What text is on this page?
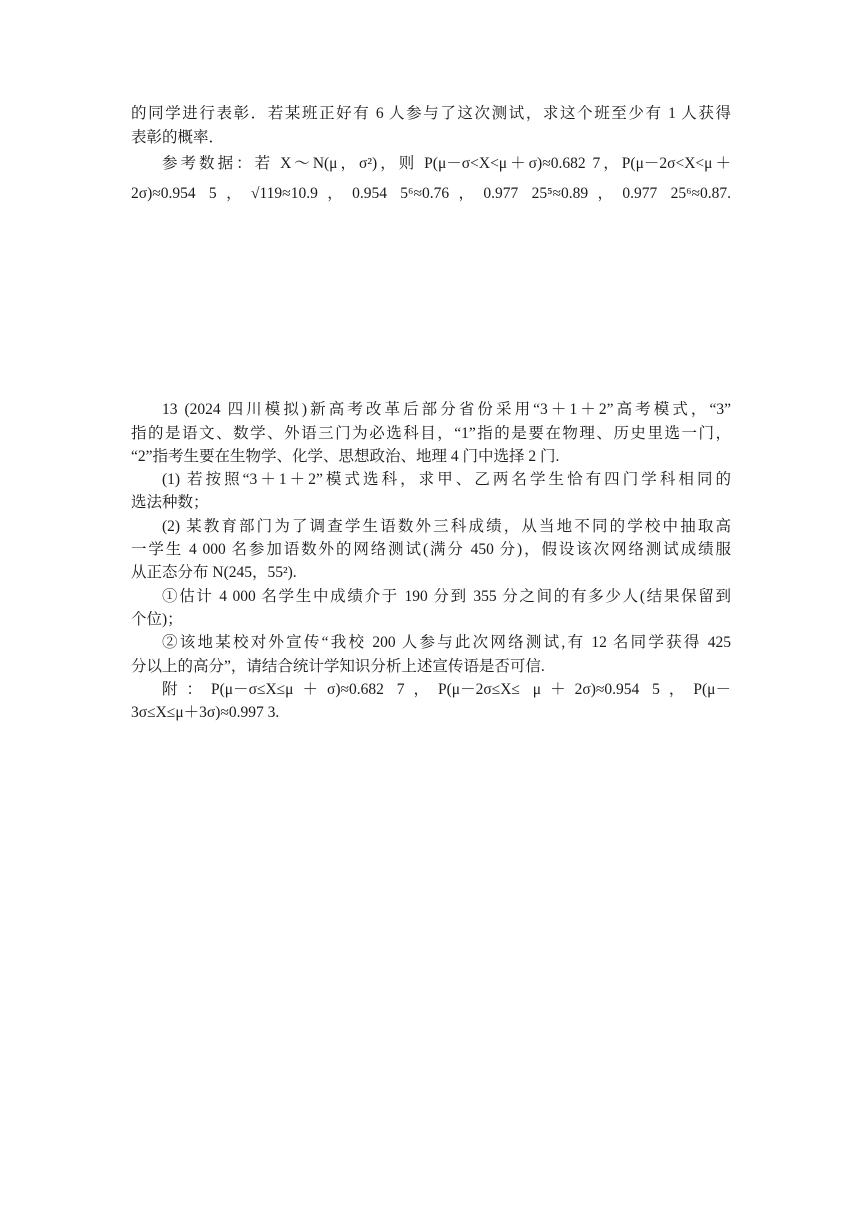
的同学进行表彰．若某班正好有 6 人参与了这次测试，求这个班至少有 1 人获得
表彰的概率．
参考数据：若 X～N(μ，σ²)，则 P(μ－σ<X<μ＋σ)≈0.682 7，P(μ－2σ<X<μ＋
2σ)≈0.954 5，√119≈10.9，0.954 5⁶≈0.76，0.977 25⁵≈0.89，0.977 25⁶≈0.87.
13 (2024 四川模拟)新高考改革后部分省份采用“3＋1＋2”高考模式，“3”
指的是语文、数学、外语三门为必选科目，“1”指的是要在物理、历史里选一门，
“2”指考生要在生物学、化学、思想政治、地理 4 门中选择 2 门.
(1) 若按照“3＋1＋2”模式选科，求甲、乙两名学生恰有四门学科相同的
选法种数；
(2) 某教育部门为了调查学生语数外三科成绩，从当地不同的学校中抽取高
一学生 4 000 名参加语数外的网络测试(满分 450 分)，假设该次网络测试成绩服
从正态分布 N(245，55²).
①估计 4 000 名学生中成绩介于 190 分到 355 分之间的有多少人(结果保留到
个位)；
②该地某校对外宣传“我校 200 人参与此次网络测试,有 12 名同学获得 425
分以上的高分”，请结合统计学知识分析上述宣传语是否可信.
附：P(μ－σ≤X≤μ＋σ)≈0.682 7，P(μ－2σ≤X≤ μ＋2σ)≈0.954 5，P(μ－
3σ≤X≤μ＋3σ)≈0.997 3.
